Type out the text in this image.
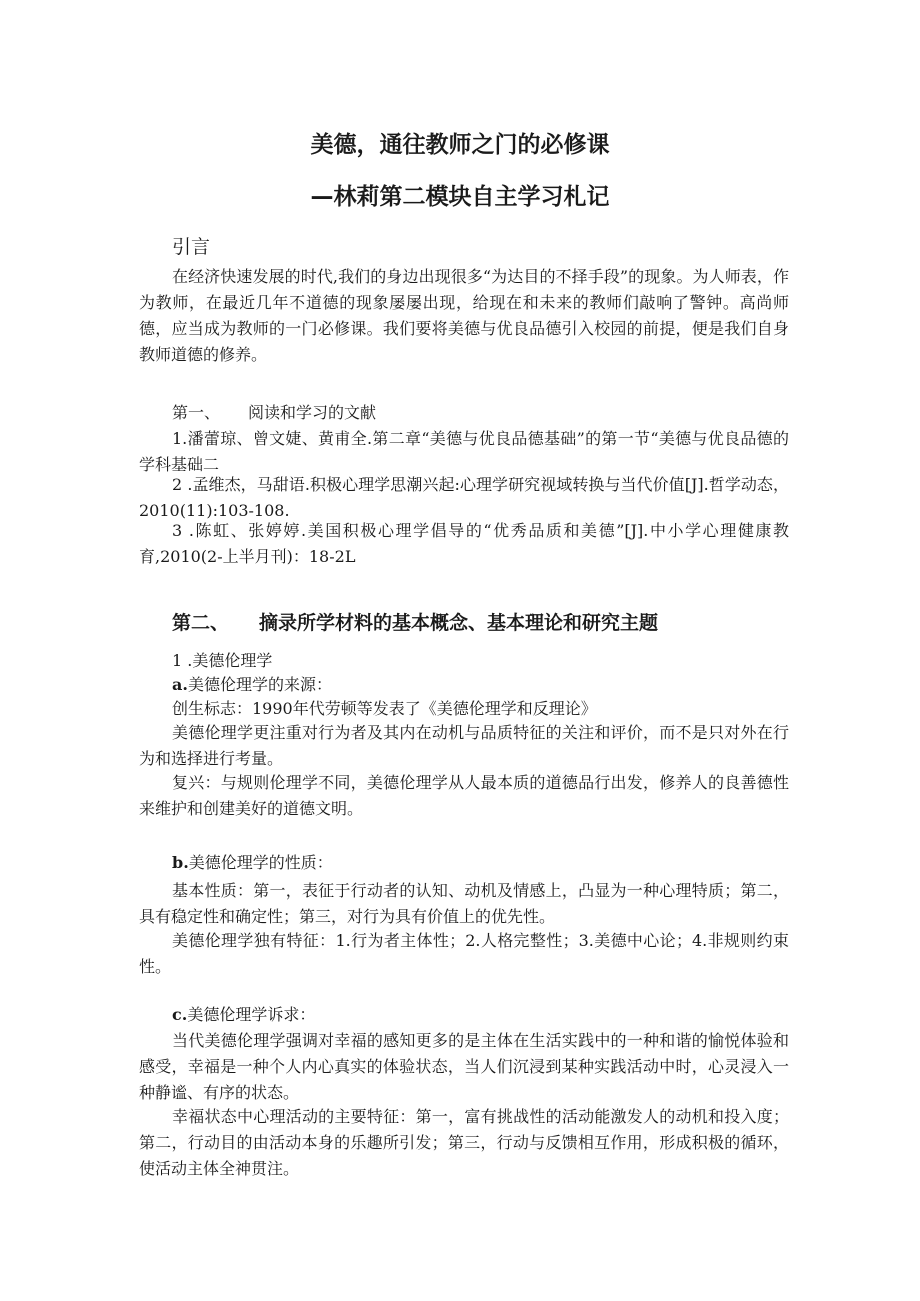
美德，通往教师之门的必修课
—林莉第二模块自主学习札记
引言

在经济快速发展的时代,我们的身边出现很多“为达目的不择手段”的现象。为人师表，作为教师，在最近几年不道德的现象屡屡出现，给现在和未来的教师们敲响了警钟。高尚师德，应当成为教师的一门必修课。我们要将美德与优良品德引入校园的前提，便是我们自身教师道德的修养。

第一、 阅读和学习的文献

1.潘蕾琼、曾文婕、黄甫全.第二章“美德与优良品德基础”的第一节“美德与优良品德的学科基础二

2 .孟维杰，马甜语.积极心理学思潮兴起:心理学研究视域转换与当代价值[J].哲学动态，2010(11):103-108.

3 .陈虹、张婷婷.美国积极心理学倡导的“优秀品质和美德”[J].中小学心理健康教育,2010(2-上半月刊)：18-2L

第二、 摘录所学材料的基本概念、基本理论和研究主题
1 .美德伦理学
a.美德伦理学的来源：
创生标志：1990年代劳顿等发表了《美德伦理学和反理论》

美德伦理学更注重对行为者及其内在动机与品质特征的关注和评价，而不是只对外在行为和选择进行考量。

复兴：与规则伦理学不同，美德伦理学从人最本质的道德品行出发，修养人的良善德性来维护和创建美好的道德文明。

b.美德伦理学的性质：

基本性质：第一，表征于行动者的认知、动机及情感上，凸显为一种心理特质；第二，具有稳定性和确定性；第三，对行为具有价值上的优先性。

美德伦理学独有特征：1.行为者主体性；2.人格完整性；3.美德中心论；4.非规则约束性。

c.美德伦理学诉求：

当代美德伦理学强调对幸福的感知更多的是主体在生活实践中的一种和谐的愉悦体验和感受，幸福是一种个人内心真实的体验状态，当人们沉浸到某种实践活动中时，心灵浸入一种静谧、有序的状态。

幸福状态中心理活动的主要特征：第一，富有挑战性的活动能激发人的动机和投入度；第二，行动目的由活动本身的乐趣所引发；第三，行动与反馈相互作用，形成积极的循环，使活动主体全神贯注。
